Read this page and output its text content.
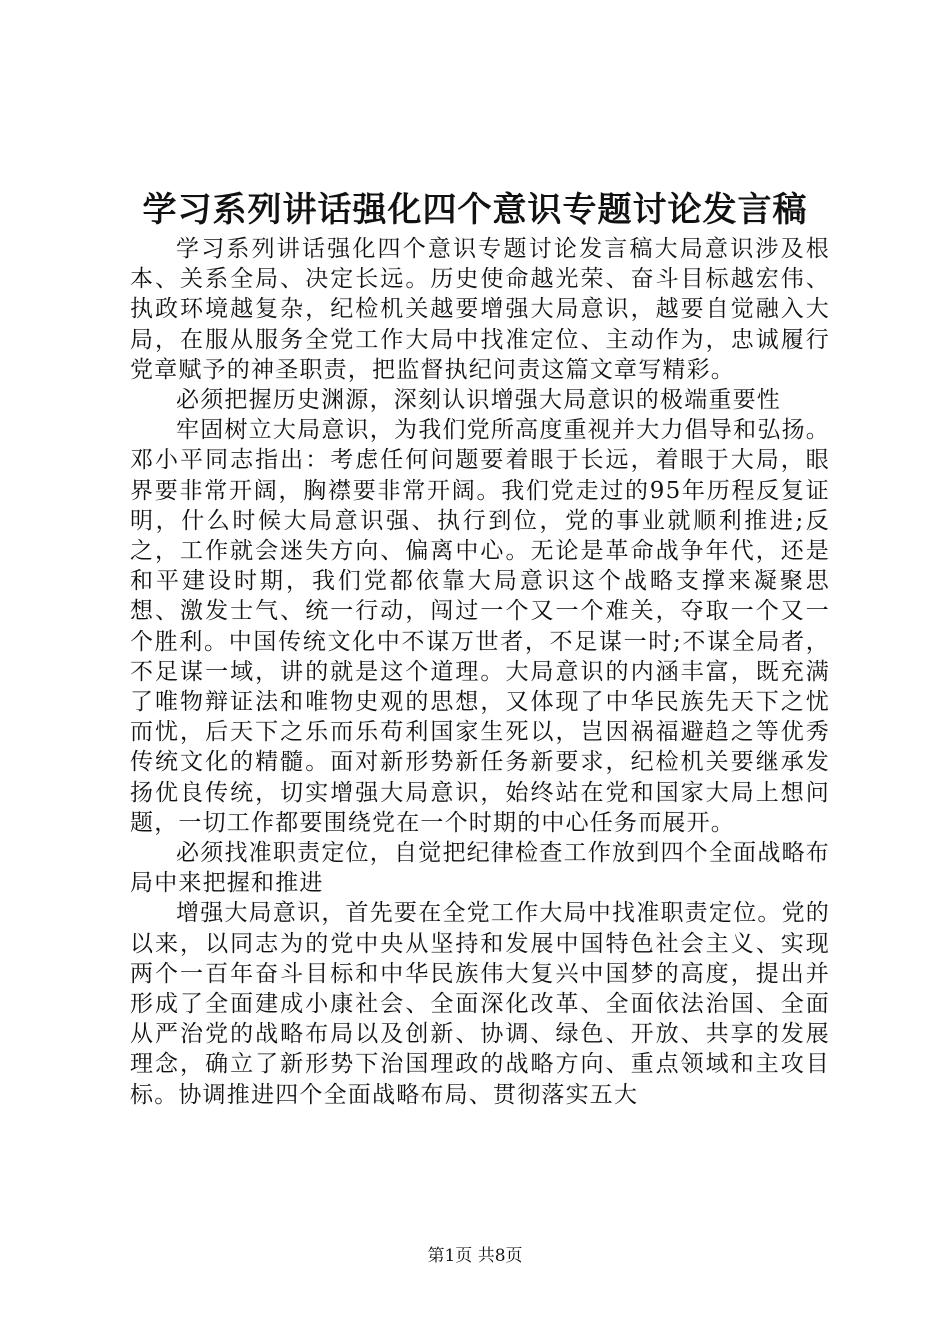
学习系列讲话强化四个意识专题讨论发言稿

学习系列讲话强化四个意识专题讨论发言稿大局意识涉及根本、关系全局、决定长远。历史使命越光荣、奋斗目标越宏伟、执政环境越复杂，纪检机关越要增强大局意识，越要自觉融入大局，在服从服务全党工作大局中找准定位、主动作为，忠诚履行党章赋予的神圣职责，把监督执纪问责这篇文章写精彩。

必须把握历史渊源，深刻认识增强大局意识的极端重要性

牢固树立大局意识，为我们党所高度重视并大力倡导和弘扬。邓小平同志指出：考虑任何问题要着眼于长远，着眼于大局，眼界要非常开阔，胸襟要非常开阔。我们党走过的95年历程反复证明，什么时候大局意识强、执行到位，党的事业就顺利推进;反之，工作就会迷失方向、偏离中心。无论是革命战争年代，还是和平建设时期，我们党都依靠大局意识这个战略支撑来凝聚思想、激发士气、统一行动，闯过一个又一个难关，夺取一个又一个胜利。中国传统文化中不谋万世者，不足谋一时;不谋全局者，不足谋一域，讲的就是这个道理。大局意识的内涵丰富，既充满了唯物辩证法和唯物史观的思想，又体现了中华民族先天下之忧而忧，后天下之乐而乐苟利国家生死以，岂因祸福避趋之等优秀传统文化的精髓。面对新形势新任务新要求，纪检机关要继承发扬优良传统，切实增强大局意识，始终站在党和国家大局上想问题，一切工作都要围绕党在一个时期的中心任务而展开。

必须找准职责定位，自觉把纪律检查工作放到四个全面战略布局中来把握和推进

增强大局意识，首先要在全党工作大局中找准职责定位。党的以来，以同志为的党中央从坚持和发展中国特色社会主义、实现两个一百年奋斗目标和中华民族伟大复兴中国梦的高度，提出并形成了全面建成小康社会、全面深化改革、全面依法治国、全面从严治党的战略布局以及创新、协调、绿色、开放、共享的发展理念，确立了新形势下治国理政的战略方向、重点领域和主攻目标。协调推进四个全面战略布局、贯彻落实五大

第1页 共8页
